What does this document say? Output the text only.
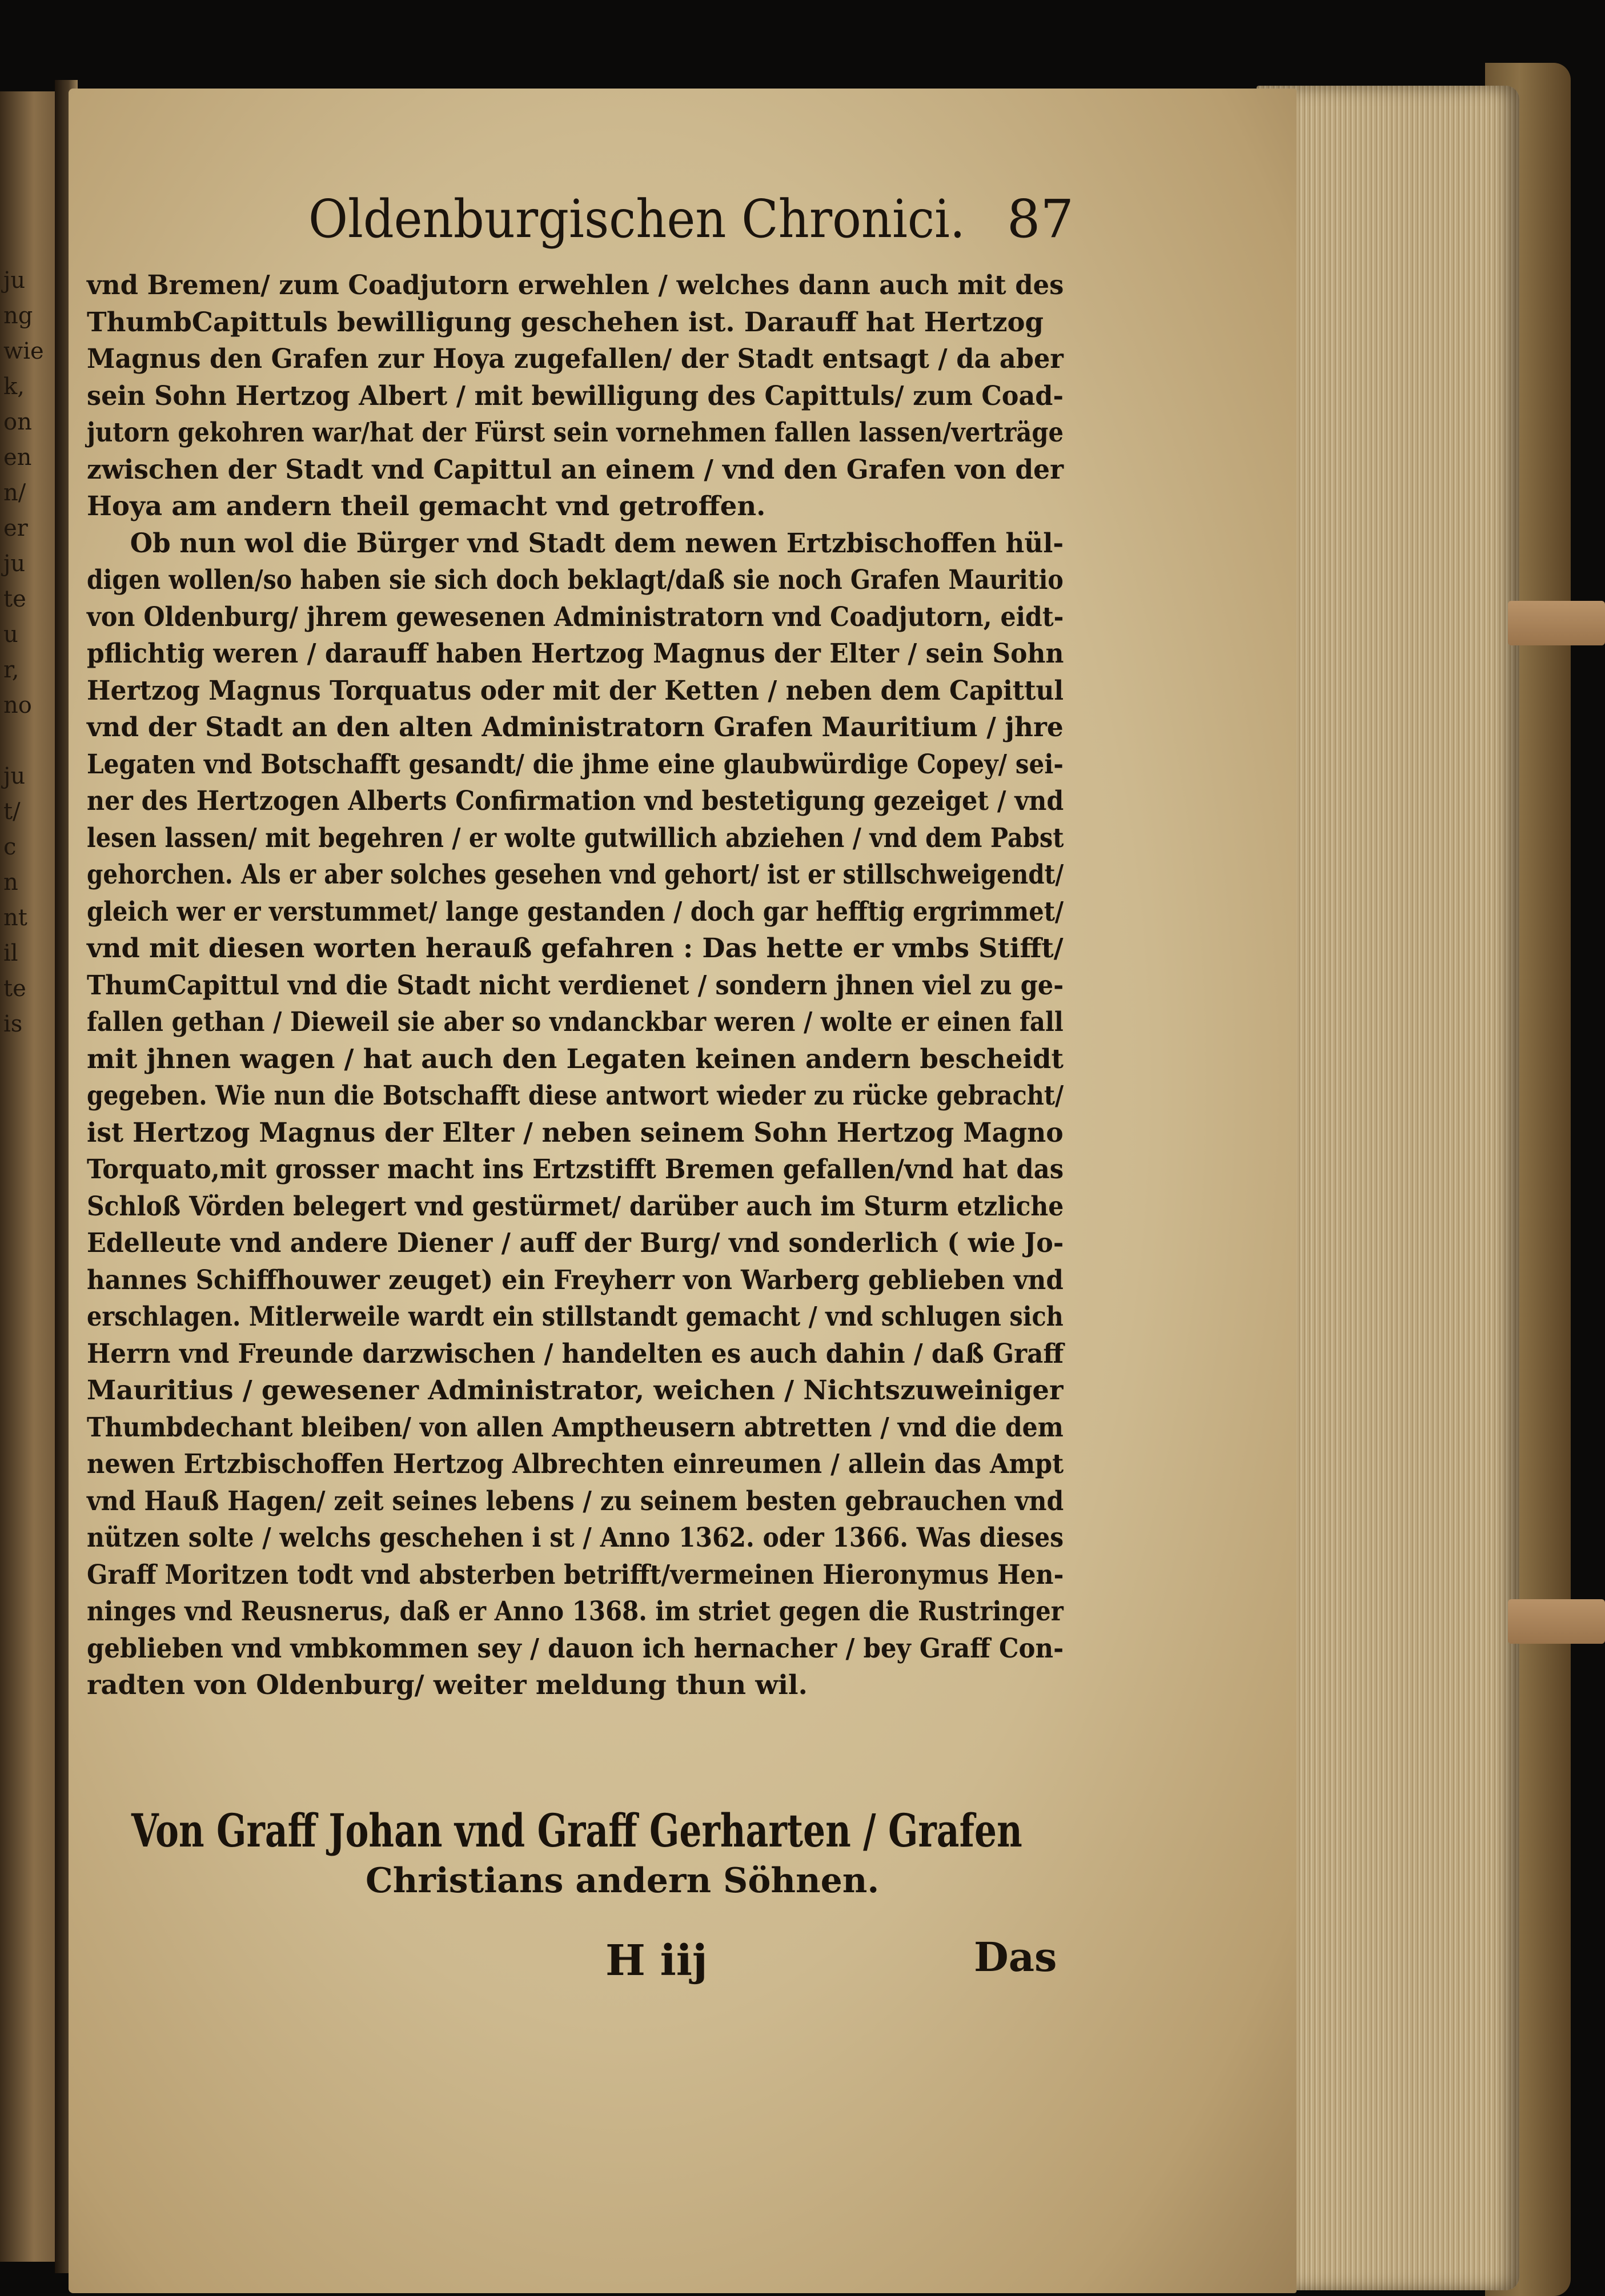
ju
ng
wie
k,
on
en
n/
er
ju
te
u
r,
no

ju
t/
c
n
nt
il
te
is
Oldenburgischen Chronici. 87
vnd Bremen/ zum Coadjutorn erwehlen / welches dann auch mit des
ThumbCapittuls bewilligung geschehen ist. Darauff hat Hertzog
Magnus den Grafen zur Hoya zugefallen/ der Stadt entsagt / da aber
sein Sohn Hertzog Albert / mit bewilligung des Capittuls/ zum Coad-
jutorn gekohren war/hat der Fürst sein vornehmen fallen lassen/verträge
zwischen der Stadt vnd Capittul an einem / vnd den Grafen von der
Hoya am andern theil gemacht vnd getroffen.
Ob nun wol die Bürger vnd Stadt dem newen Ertzbischoffen hül-
digen wollen/so haben sie sich doch beklagt/daß sie noch Grafen Mauritio
von Oldenburg/ jhrem gewesenen Administratorn vnd Coadjutorn, eidt-
pflichtig weren / darauff haben Hertzog Magnus der Elter / sein Sohn
Hertzog Magnus Torquatus oder mit der Ketten / neben dem Capittul
vnd der Stadt an den alten Administratorn Grafen Mauritium / jhre
Legaten vnd Botschafft gesandt/ die jhme eine glaubwürdige Copey/ sei-
ner des Hertzogen Alberts Confirmation vnd bestetigung gezeiget / vnd
lesen lassen/ mit begehren / er wolte gutwillich abziehen / vnd dem Pabst
gehorchen. Als er aber solches gesehen vnd gehort/ ist er stillschweigendt/
gleich wer er verstummet/ lange gestanden / doch gar hefftig ergrimmet/
vnd mit diesen worten herauß gefahren : Das hette er vmbs Stifft/
ThumCapittul vnd die Stadt nicht verdienet / sondern jhnen viel zu ge-
fallen gethan / Dieweil sie aber so vndanckbar weren / wolte er einen fall
mit jhnen wagen / hat auch den Legaten keinen andern bescheidt
gegeben. Wie nun die Botschafft diese antwort wieder zu rücke gebracht/
ist Hertzog Magnus der Elter / neben seinem Sohn Hertzog Magno
Torquato,mit grosser macht ins Ertzstifft Bremen gefallen/vnd hat das
Schloß Vörden belegert vnd gestürmet/ darüber auch im Sturm etzliche
Edelleute vnd andere Diener / auff der Burg/ vnd sonderlich ( wie Jo-
hannes Schiffhouwer zeuget) ein Freyherr von Warberg geblieben vnd
erschlagen. Mitlerweile wardt ein stillstandt gemacht / vnd schlugen sich
Herrn vnd Freunde darzwischen / handelten es auch dahin / daß Graff
Mauritius / gewesener Administrator, weichen / Nichtszuweiniger
Thumbdechant bleiben/ von allen Ampthеusern abtretten / vnd die dem
newen Ertzbischoffen Hertzog Albrechten einreumen / allein das Ampt
vnd Hauß Hagen/ zeit seines lebens / zu seinem besten gebrauchen vnd
nützen solte / welchs geschehen i st / Anno 1362. oder 1366. Was dieses
Graff Moritzen todt vnd absterben betrifft/vermeinen Hieronymus Hen-
ninges vnd Reusnerus, daß er Anno 1368. im striet gegen die Rustringer
geblieben vnd vmbkommen sey / dauon ich hernacher / bey Graff Con-
radten von Oldenburg/ weiter meldung thun wil.
Von Graff Johan vnd Graff Gerharten / Grafen
Christians andern Söhnen.
H iij	Das
